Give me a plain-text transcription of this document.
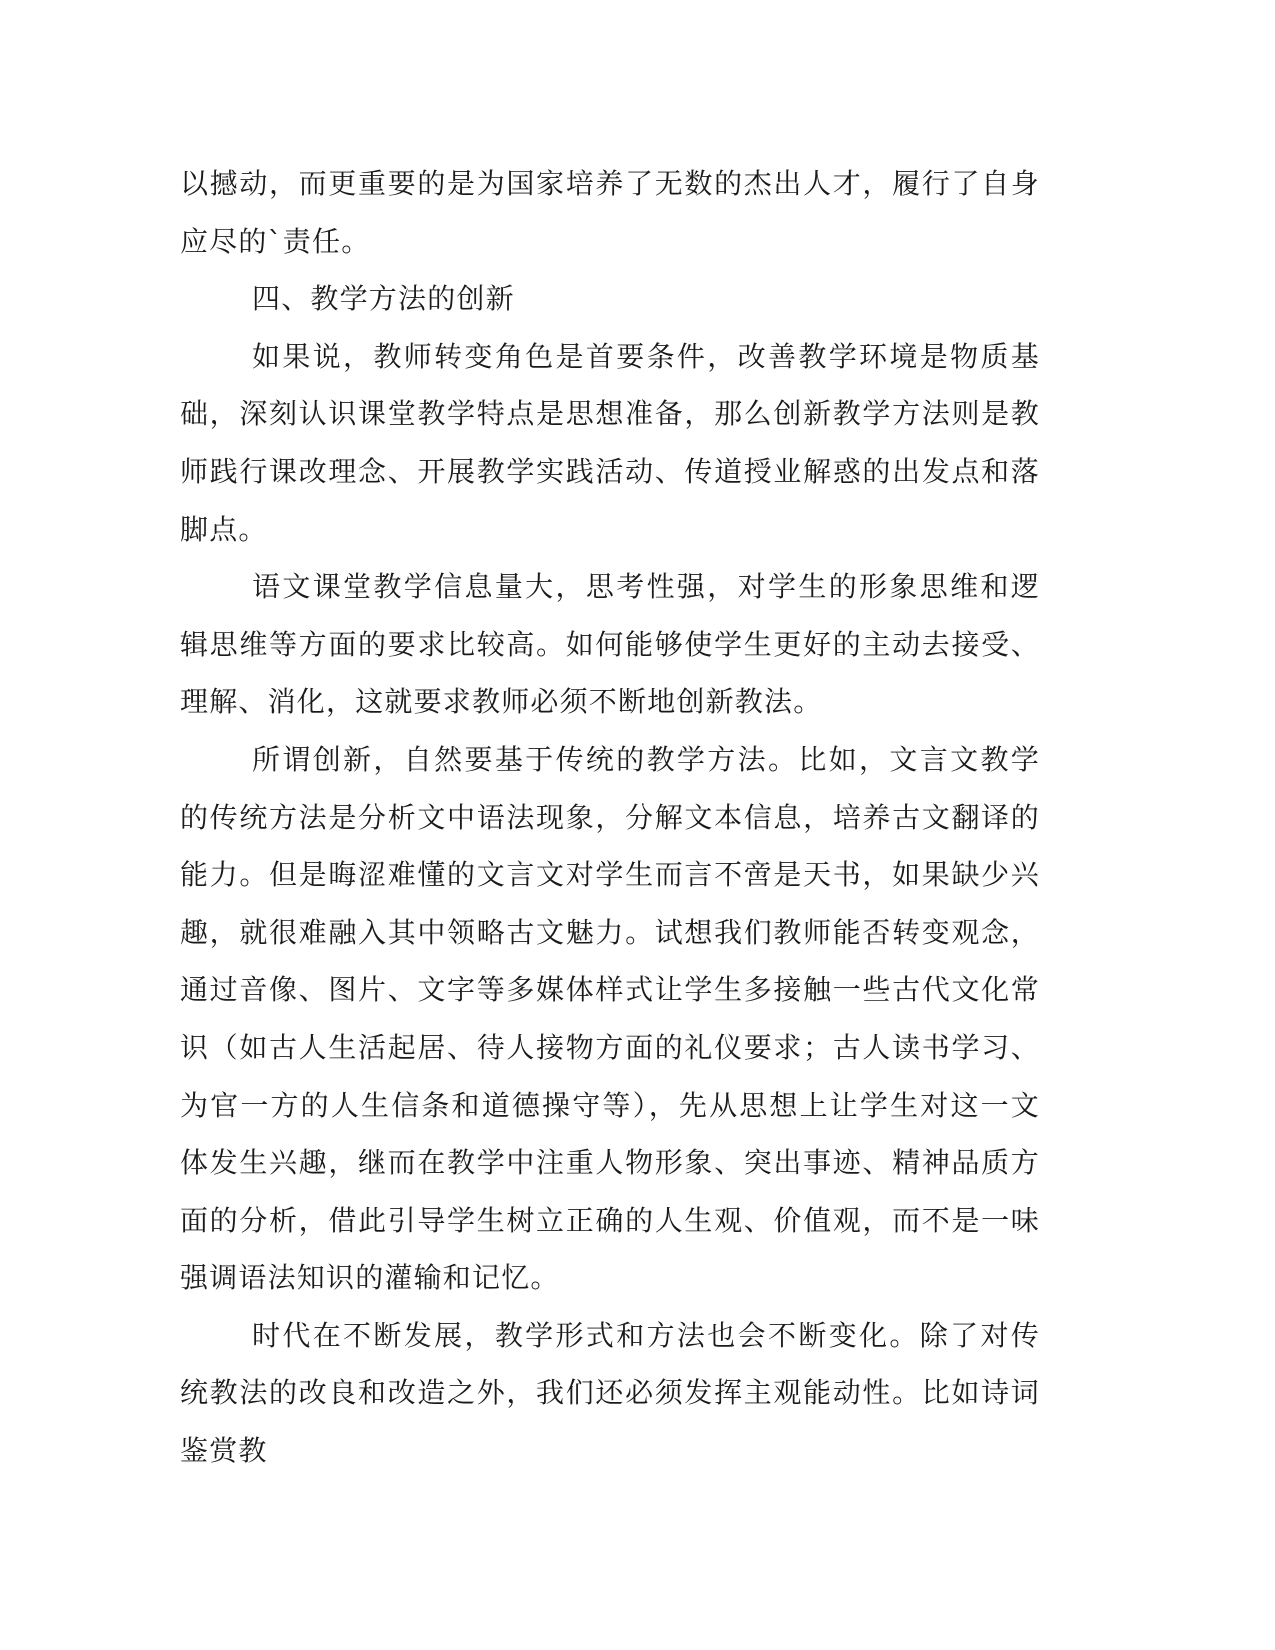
以撼动，而更重要的是为国家培养了无数的杰出人才，履行了自身应尽的`责任。

四、教学方法的创新

如果说，教师转变角色是首要条件，改善教学环境是物质基础，深刻认识课堂教学特点是思想准备，那么创新教学方法则是教师践行课改理念、开展教学实践活动、传道授业解惑的出发点和落脚点。

语文课堂教学信息量大，思考性强，对学生的形象思维和逻辑思维等方面的要求比较高。如何能够使学生更好的主动去接受、理解、消化，这就要求教师必须不断地创新教法。

所谓创新，自然要基于传统的教学方法。比如，文言文教学的传统方法是分析文中语法现象，分解文本信息，培养古文翻译的能力。但是晦涩难懂的文言文对学生而言不啻是天书，如果缺少兴趣，就很难融入其中领略古文魅力。试想我们教师能否转变观念，通过音像、图片、文字等多媒体样式让学生多接触一些古代文化常识（如古人生活起居、待人接物方面的礼仪要求；古人读书学习、为官一方的人生信条和道德操守等），先从思想上让学生对这一文体发生兴趣，继而在教学中注重人物形象、突出事迹、精神品质方面的分析，借此引导学生树立正确的人生观、价值观，而不是一味强调语法知识的灌输和记忆。

时代在不断发展，教学形式和方法也会不断变化。除了对传统教法的改良和改造之外，我们还必须发挥主观能动性。比如诗词鉴赏教
